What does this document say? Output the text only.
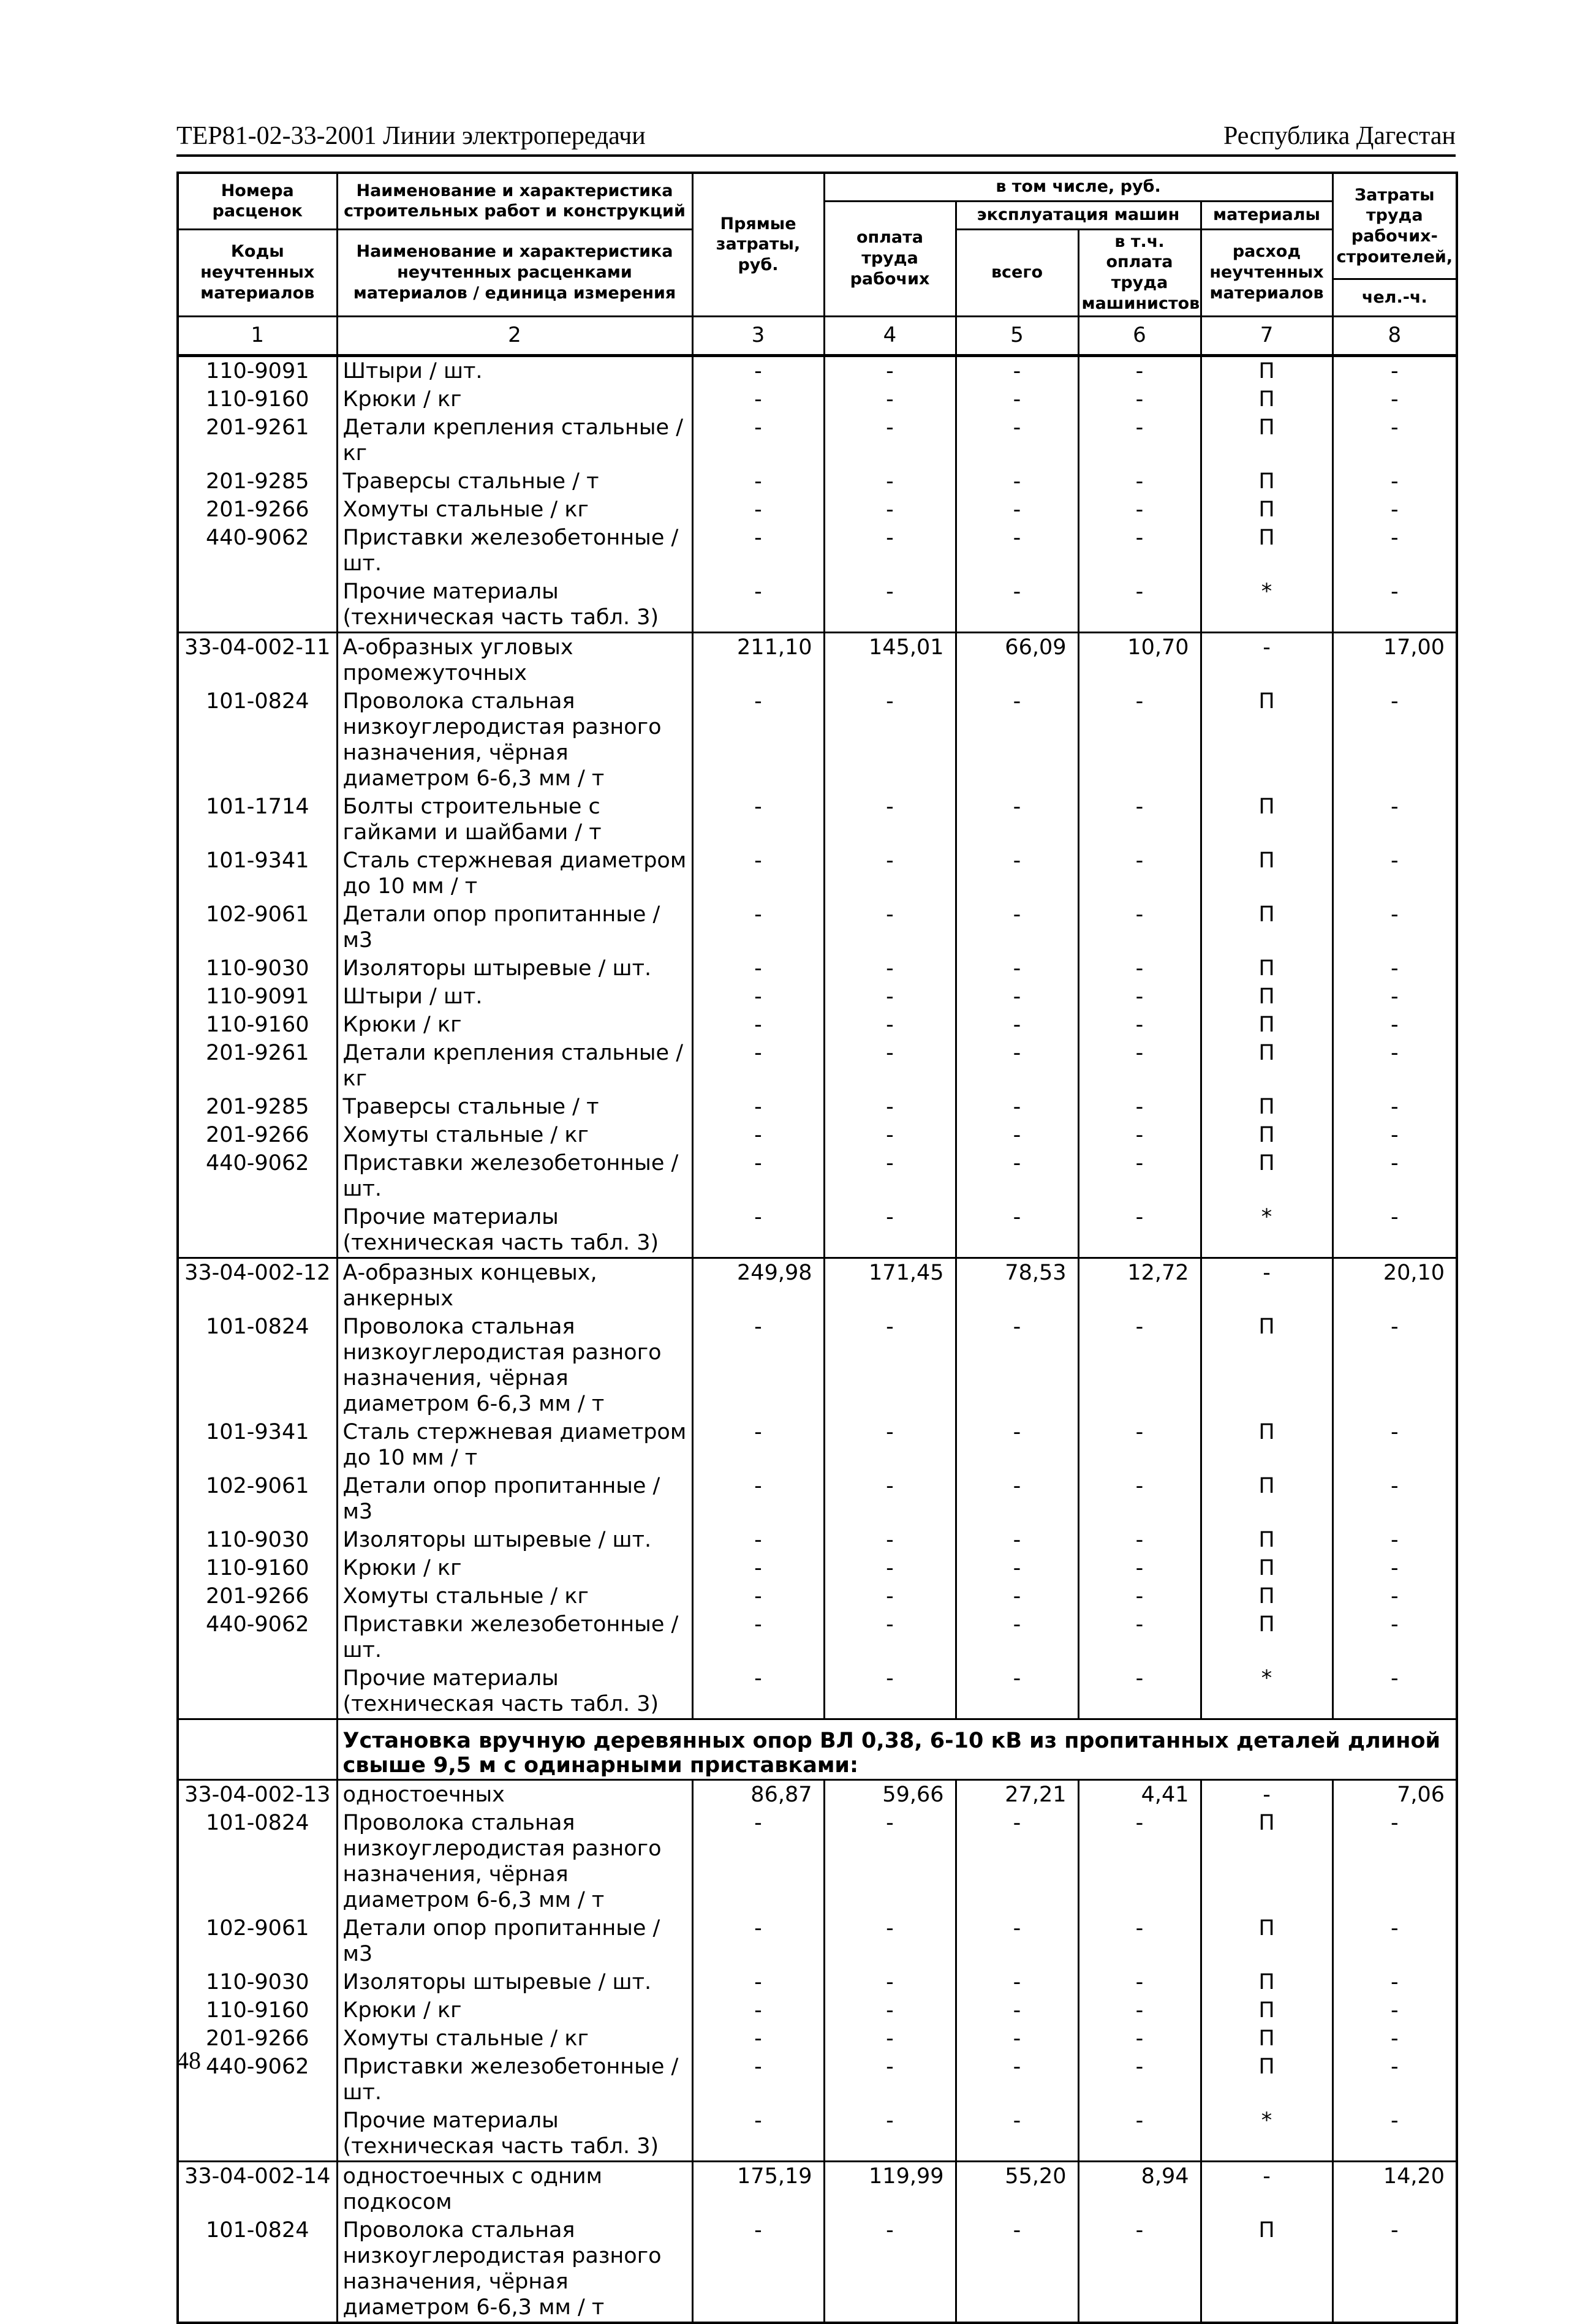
ТЕР81-02-33-2001 Линии электропередачи	Республика Дагестан
Номера расценок	Наименование и характеристика строительных работ и конструкций	Прямые затраты, руб.	в том числе, руб.				Затраты труда рабочих-строителей,
			оплата труда рабочих	эксплуатация машин		материалы	
Коды неучтенных материалов	Наименование и характеристика неучтенных расценками материалов / единица измерения			всего	в т.ч. оплата труда машинистов	расход неучтенных материалов	
							чел.-ч.
1	2	3	4	5	6	7	8
110-9091	Штыри / шт.	-	-	-	-	П	-
110-9160	Крюки / кг	-	-	-	-	П	-
201-9261	Детали крепления стальные / кг	-	-	-	-	П	-
201-9285	Траверсы стальные / т	-	-	-	-	П	-
201-9266	Хомуты стальные / кг	-	-	-	-	П	-
440-9062	Приставки железобетонные /шт.	-	-	-	-	П	-
	Прочие материалы (техническая часть табл. 3)	-	-	-	-	*	-
33-04-002-11	А-образных угловых промежуточных	211,10	145,01	66,09	10,70	-	17,00
101-0824	Проволока стальная низкоуглеродистая разного назначения, чёрная диаметром 6-6,3 мм / т	-	-	-	-	П	-
101-1714	Болты строительные с гайками и шайбами / т	-	-	-	-	П	-
101-9341	Сталь стержневая диаметром до 10 мм / т	-	-	-	-	П	-
102-9061	Детали опор пропитанные / м3	-	-	-	-	П	-
110-9030	Изоляторы штыревые / шт.	-	-	-	-	П	-
110-9091	Штыри / шт.	-	-	-	-	П	-
110-9160	Крюки / кг	-	-	-	-	П	-
201-9261	Детали крепления стальные / кг	-	-	-	-	П	-
201-9285	Траверсы стальные / т	-	-	-	-	П	-
201-9266	Хомуты стальные / кг	-	-	-	-	П	-
440-9062	Приставки железобетонные /шт.	-	-	-	-	П	-
	Прочие материалы (техническая часть табл. 3)	-	-	-	-	*	-
33-04-002-12	А-образных концевых, анкерных	249,98	171,45	78,53	12,72	-	20,10
101-0824	Проволока стальная низкоуглеродистая разного назначения, чёрная диаметром 6-6,3 мм / т	-	-	-	-	П	-
101-9341	Сталь стержневая диаметром до 10 мм / т	-	-	-	-	П	-
102-9061	Детали опор пропитанные / м3	-	-	-	-	П	-
110-9030	Изоляторы штыревые / шт.	-	-	-	-	П	-
110-9160	Крюки / кг	-	-	-	-	П	-
201-9266	Хомуты стальные / кг	-	-	-	-	П	-
440-9062	Приставки железобетонные /шт.	-	-	-	-	П	-
	Прочие материалы (техническая часть табл. 3)	-	-	-	-	*	-
	Установка вручную деревянных опор ВЛ 0,38, 6-10 кВ из пропитанных деталей длиной свыше 9,5 м с одинарными приставками:						
33-04-002-13	одностоечных	86,87	59,66	27,21	4,41	-	7,06
101-0824	Проволока стальная низкоуглеродистая разного назначения, чёрная диаметром 6-6,3 мм / т	-	-	-	-	П	-
102-9061	Детали опор пропитанные / м3	-	-	-	-	П	-
110-9030	Изоляторы штыревые / шт.	-	-	-	-	П	-
110-9160	Крюки / кг	-	-	-	-	П	-
201-9266	Хомуты стальные / кг	-	-	-	-	П	-
440-9062	Приставки железобетонные /шт.	-	-	-	-	П	-
	Прочие материалы (техническая часть табл. 3)	-	-	-	-	*	-
33-04-002-14	одностоечных с одним подкосом	175,19	119,99	55,20	8,94	-	14,20
101-0824	Проволока стальная низкоуглеродистая разного назначения, чёрная диаметром 6-6,3 мм / т	-	-	-	-	П	-
48
